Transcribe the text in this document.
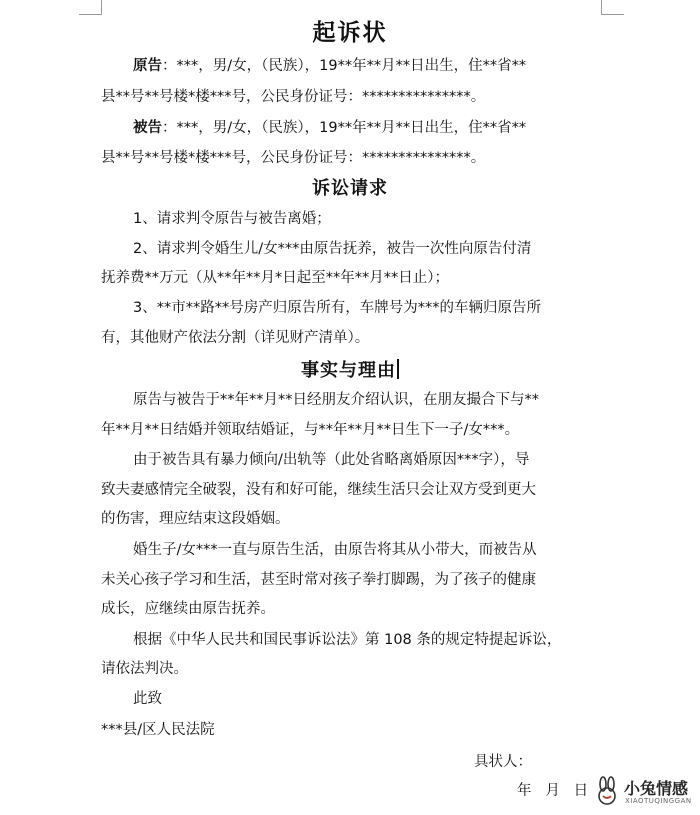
起诉状
原告：***，男/女，（民族），19**年**月**日出生，住**省**
县**号**号楼*楼***号，公民身份证号：***************。
被告：***，男/女，（民族），19**年**月**日出生，住**省**
县**号**号楼*楼***号，公民身份证号：***************。
诉讼请求
1、请求判令原告与被告离婚；
2、请求判令婚生儿/女***由原告抚养，被告一次性向原告付清
抚养费**万元（从**年**月*日起至**年**月**日止）；
3、**市**路**号房产归原告所有，车牌号为***的车辆归原告所
有，其他财产依法分割（详见财产清单）。
事实与理由
原告与被告于**年**月**日经朋友介绍认识，在朋友撮合下与**
年**月**日结婚并领取结婚证，与**年**月**日生下一子/女***。
由于被告具有暴力倾向/出轨等（此处省略离婚原因***字），导
致夫妻感情完全破裂，没有和好可能，继续生活只会让双方受到更大
的伤害，理应结束这段婚姻。
婚生子/女***一直与原告生活，由原告将其从小带大，而被告从
未关心孩子学习和生活，甚至时常对孩子拳打脚踢，为了孩子的健康
成长，应继续由原告抚养。
根据《中华人民共和国民事诉讼法》第 108 条的规定特提起诉讼，
请依法判决。
此致
***县/区人民法院
具状人：
年   月   日 小兔情感
XIAOTUQINGGAN
